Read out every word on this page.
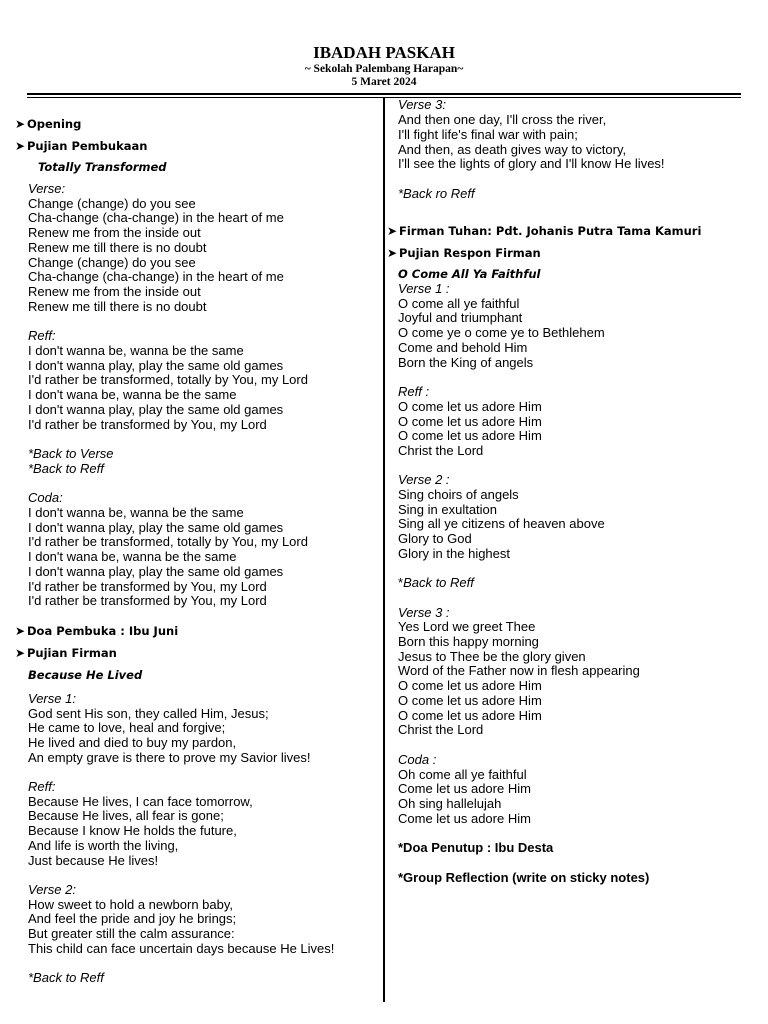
IBADAH PASKAH
~ Sekolah Palembang Harapan~
5 Maret 2024
➤ Opening
➤ Pujian Pembukaan
Totally Transformed
Verse:
Change (change) do you see
Cha-change (cha-change) in the heart of me
Renew me from the inside out
Renew me till there is no doubt
Change (change) do you see
Cha-change (cha-change) in the heart of me
Renew me from the inside out
Renew me till there is no doubt
Reff:
I don't wanna be, wanna be the same
I don't wanna play, play the same old games
I'd rather be transformed, totally by You, my Lord
I don't wana be, wanna be the same
I don't wanna play, play the same old games
I'd rather be transformed by You, my Lord
*Back to Verse
*Back to Reff
Coda:
I don't wanna be, wanna be the same
I don't wanna play, play the same old games
I'd rather be transformed, totally by You, my Lord
I don't wana be, wanna be the same
I don't wanna play, play the same old games
I'd rather be transformed by You, my Lord
I'd rather be transformed by You, my Lord
➤ Doa Pembuka : Ibu Juni
➤ Pujian Firman
Because He Lived
Verse 1:
God sent His son, they called Him, Jesus;
He came to love, heal and forgive;
He lived and died to buy my pardon,
An empty grave is there to prove my Savior lives!
Reff:
Because He lives, I can face tomorrow,
Because He lives, all fear is gone;
Because I know He holds the future,
And life is worth the living,
Just because He lives!
Verse 2:
How sweet to hold a newborn baby,
And feel the pride and joy he brings;
But greater still the calm assurance:
This child can face uncertain days because He Lives!
*Back to Reff
Verse 3:
And then one day, I'll cross the river,
I'll fight life's final war with pain;
And then, as death gives way to victory,
I'll see the lights of glory and I'll know He lives!
*Back ro Reff
➤ Firman Tuhan: Pdt. Johanis Putra Tama Kamuri
➤ Pujian Respon Firman
O Come All Ya Faithful
Verse 1 :
O come all ye faithful
Joyful and triumphant
O come ye o come ye to Bethlehem
Come and behold Him
Born the King of angels
Reff :
O come let us adore Him
O come let us adore Him
O come let us adore Him
Christ the Lord
Verse 2 :
Sing choirs of angels
Sing in exultation
Sing all ye citizens of heaven above
Glory to God
Glory in the highest
*Back to Reff
Verse 3 :
Yes Lord we greet Thee
Born this happy morning
Jesus to Thee be the glory given
Word of the Father now in flesh appearing
O come let us adore Him
O come let us adore Him
O come let us adore Him
Christ the Lord
Coda :
Oh come all ye faithful
Come let us adore Him
Oh sing hallelujah
Come let us adore Him
*Doa Penutup : Ibu Desta
*Group Reflection (write on sticky notes)
